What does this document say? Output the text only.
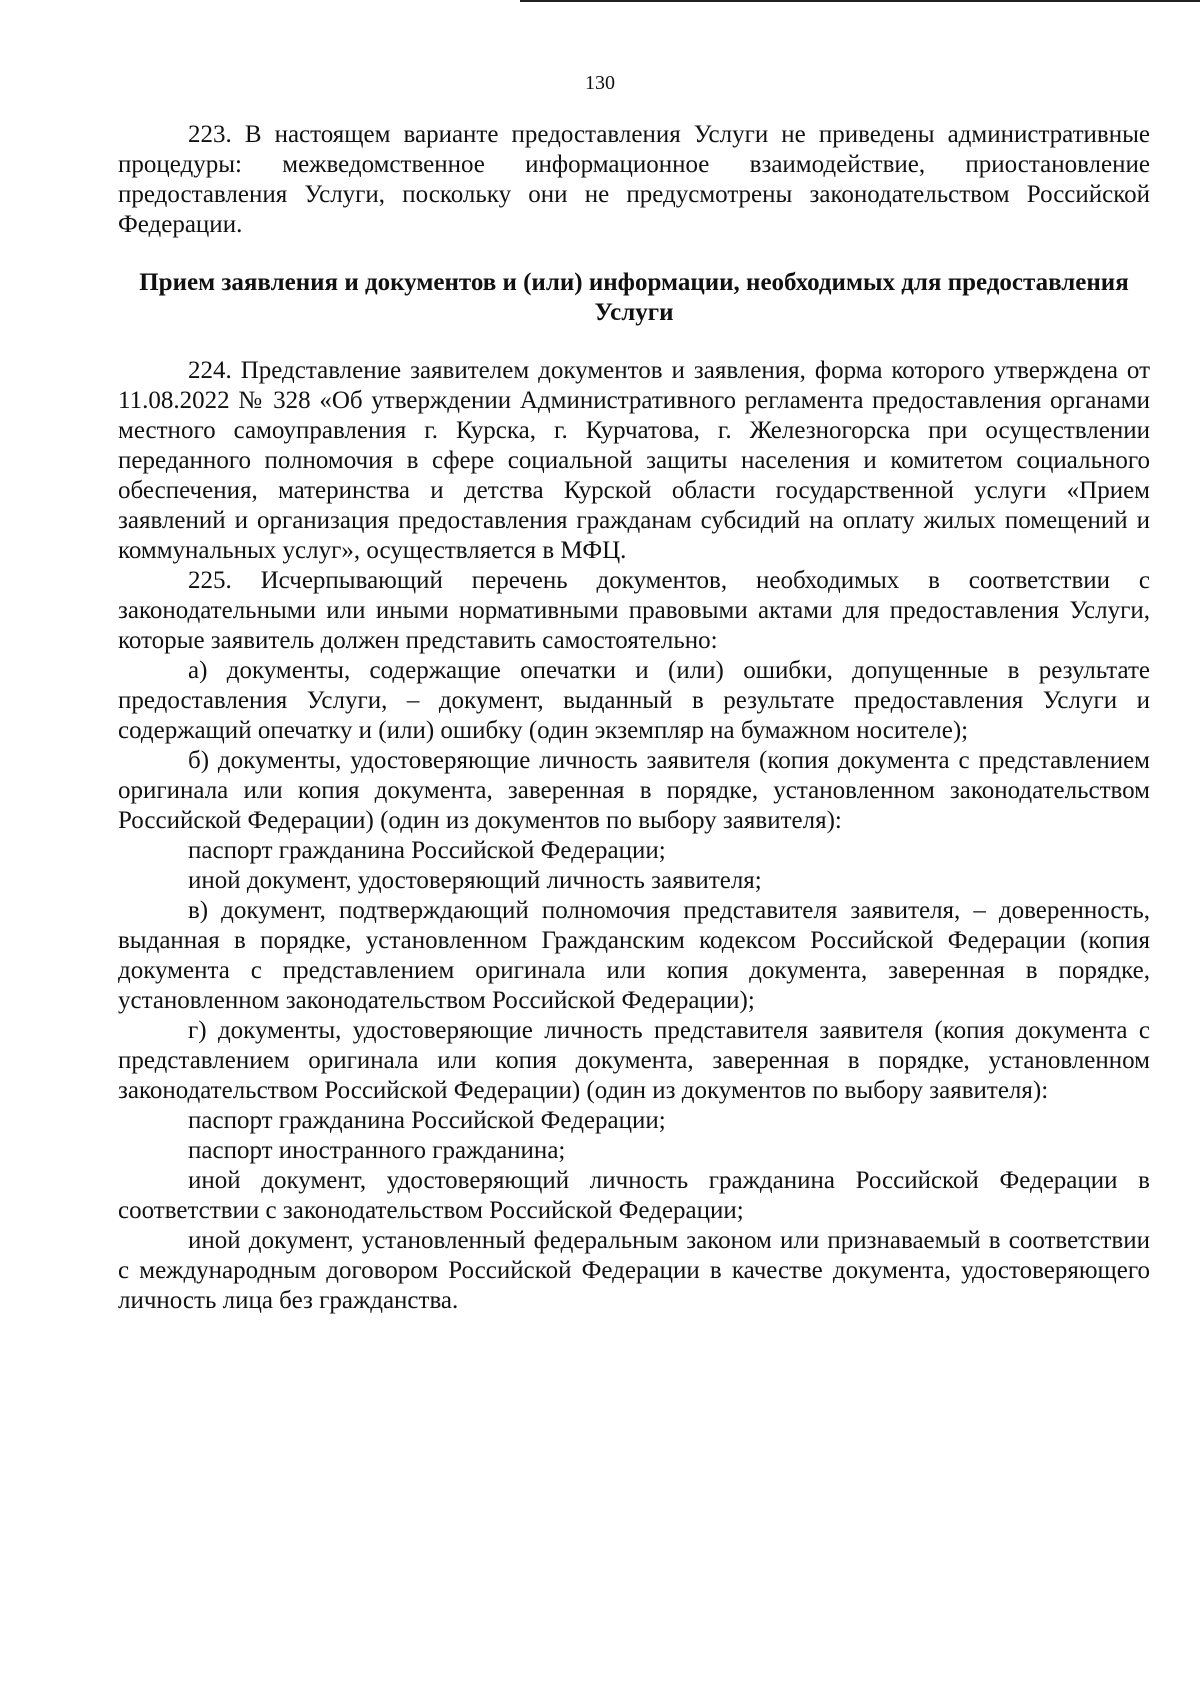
130

223. В настоящем варианте предоставления Услуги не приведены административные процедуры: межведомственное информационное взаимодействие, приостановление предоставления Услуги, поскольку они не предусмотрены законодательством Российской Федерации.

Прием заявления и документов и (или) информации, необходимых для предоставления Услуги

224. Представление заявителем документов и заявления, форма которого утверждена от 11.08.2022 № 328 «Об утверждении Административного регламента предоставления органами местного самоуправления г. Курска, г. Курчатова, г. Железногорска при осуществлении переданного полномочия в сфере социальной защиты населения и комитетом социального обеспечения, материнства и детства Курской области государственной услуги «Прием заявлений и организация предоставления гражданам субсидий на оплату жилых помещений и коммунальных услуг», осуществляется в МФЦ.

225. Исчерпывающий перечень документов, необходимых в соответствии с законодательными или иными нормативными правовыми актами для предоставления Услуги, которые заявитель должен представить самостоятельно:

а) документы, содержащие опечатки и (или) ошибки, допущенные в результате предоставления Услуги, – документ, выданный в результате предоставления Услуги и содержащий опечатку и (или) ошибку (один экземпляр на бумажном носителе);

б) документы, удостоверяющие личность заявителя (копия документа с представлением оригинала или копия документа, заверенная в порядке, установленном законодательством Российской Федерации) (один из документов по выбору заявителя):

паспорт гражданина Российской Федерации;

иной документ, удостоверяющий личность заявителя;

в) документ, подтверждающий полномочия представителя заявителя, – доверенность, выданная в порядке, установленном Гражданским кодексом Российской Федерации (копия документа с представлением оригинала или копия документа, заверенная в порядке, установленном законодательством Российской Федерации);

г) документы, удостоверяющие личность представителя заявителя (копия документа с представлением оригинала или копия документа, заверенная в порядке, установленном законодательством Российской Федерации) (один из документов по выбору заявителя):

паспорт гражданина Российской Федерации;

паспорт иностранного гражданина;

иной документ, удостоверяющий личность гражданина Российской Федерации в соответствии с законодательством Российской Федерации;

иной документ, установленный федеральным законом или признаваемый в соответствии с международным договором Российской Федерации в качестве документа, удостоверяющего личность лица без гражданства.
